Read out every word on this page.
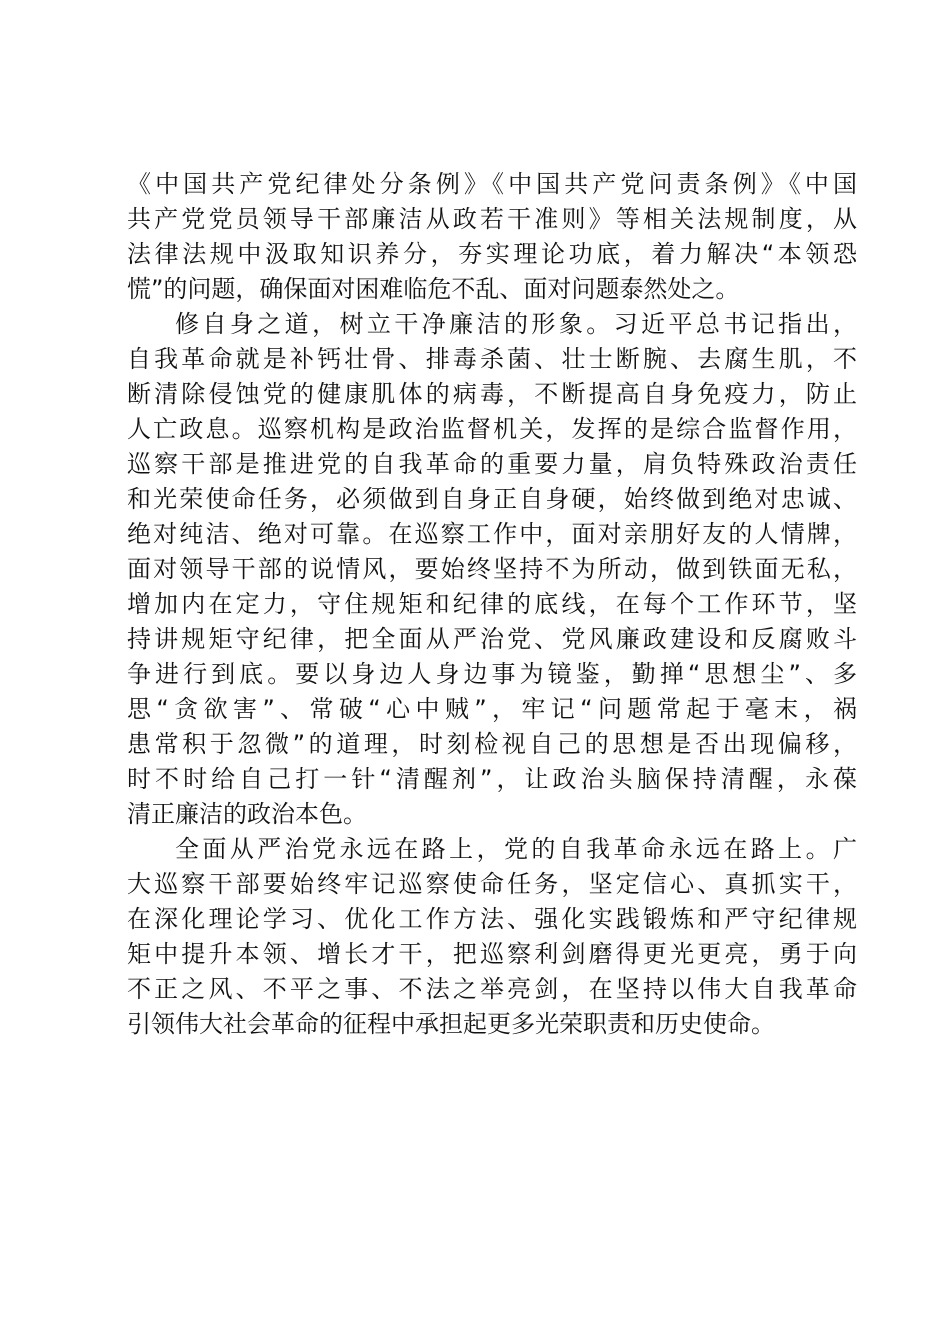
《中国共产党纪律处分条例》《中国共产党问责条例》《中国
共产党党员领导干部廉洁从政若干准则》等相关法规制度，从
法律法规中汲取知识养分，夯实理论功底，着力解决“本领恐
慌”的问题，确保面对困难临危不乱、面对问题泰然处之。
修自身之道，树立干净廉洁的形象。习近平总书记指出，
自我革命就是补钙壮骨、排毒杀菌、壮士断腕、去腐生肌，不
断清除侵蚀党的健康肌体的病毒，不断提高自身免疫力，防止
人亡政息。巡察机构是政治监督机关，发挥的是综合监督作用，
巡察干部是推进党的自我革命的重要力量，肩负特殊政治责任
和光荣使命任务，必须做到自身正自身硬，始终做到绝对忠诚、
绝对纯洁、绝对可靠。在巡察工作中，面对亲朋好友的人情牌，
面对领导干部的说情风，要始终坚持不为所动，做到铁面无私，
增加内在定力，守住规矩和纪律的底线，在每个工作环节，坚
持讲规矩守纪律，把全面从严治党、党风廉政建设和反腐败斗
争进行到底。要以身边人身边事为镜鉴，勤掸“思想尘”、多
思“贪欲害”、常破“心中贼”，牢记“问题常起于毫末，祸
患常积于忽微”的道理，时刻检视自己的思想是否出现偏移，
时不时给自己打一针“清醒剂”，让政治头脑保持清醒，永葆
清正廉洁的政治本色。
全面从严治党永远在路上，党的自我革命永远在路上。广
大巡察干部要始终牢记巡察使命任务，坚定信心、真抓实干，
在深化理论学习、优化工作方法、强化实践锻炼和严守纪律规
矩中提升本领、增长才干，把巡察利剑磨得更光更亮，勇于向
不正之风、不平之事、不法之举亮剑，在坚持以伟大自我革命
引领伟大社会革命的征程中承担起更多光荣职责和历史使命。
